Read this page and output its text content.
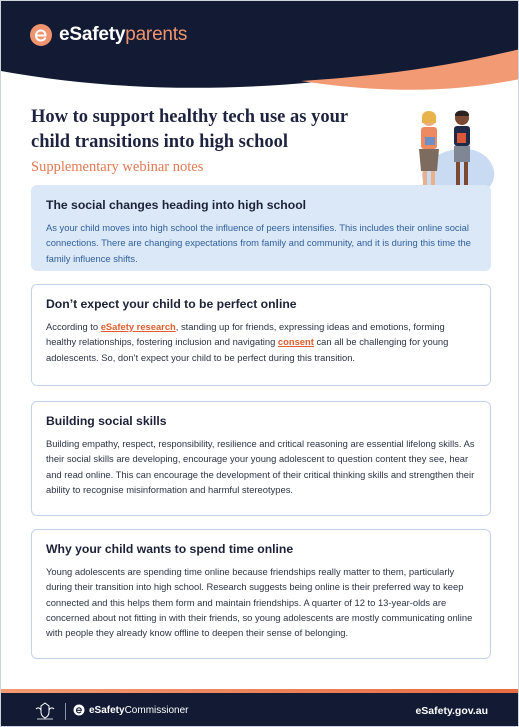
eSafetyparents
How to support healthy tech use as your child transitions into high school
Supplementary webinar notes
The social changes heading into high school

As your child moves into high school the influence of peers intensifies. This includes their online social connections. There are changing expectations from family and community, and it is during this time the family influence shifts.

Don’t expect your child to be perfect online

According to eSafety research, standing up for friends, expressing ideas and emotions, forming healthy relationships, fostering inclusion and navigating consent can all be challenging for young adolescents. So, don’t expect your child to be perfect during this transition.

Building social skills

Building empathy, respect, responsibility, resilience and critical reasoning are essential lifelong skills. As their social skills are developing, encourage your young adolescent to question content they see, hear and read online. This can encourage the development of their critical thinking skills and strengthen their ability to recognise misinformation and harmful stereotypes.

Why your child wants to spend time online

Young adolescents are spending time online because friendships really matter to them, particularly during their transition into high school. Research suggests being online is their preferred way to keep connected and this helps them form and maintain friendships. A quarter of 12 to 13-year-olds are concerned about not fitting in with their friends, so young adolescents are mostly communicating online with people they already know offline to deepen their sense of belonging.

eSafetyCommissioner	eSafety.gov.au
